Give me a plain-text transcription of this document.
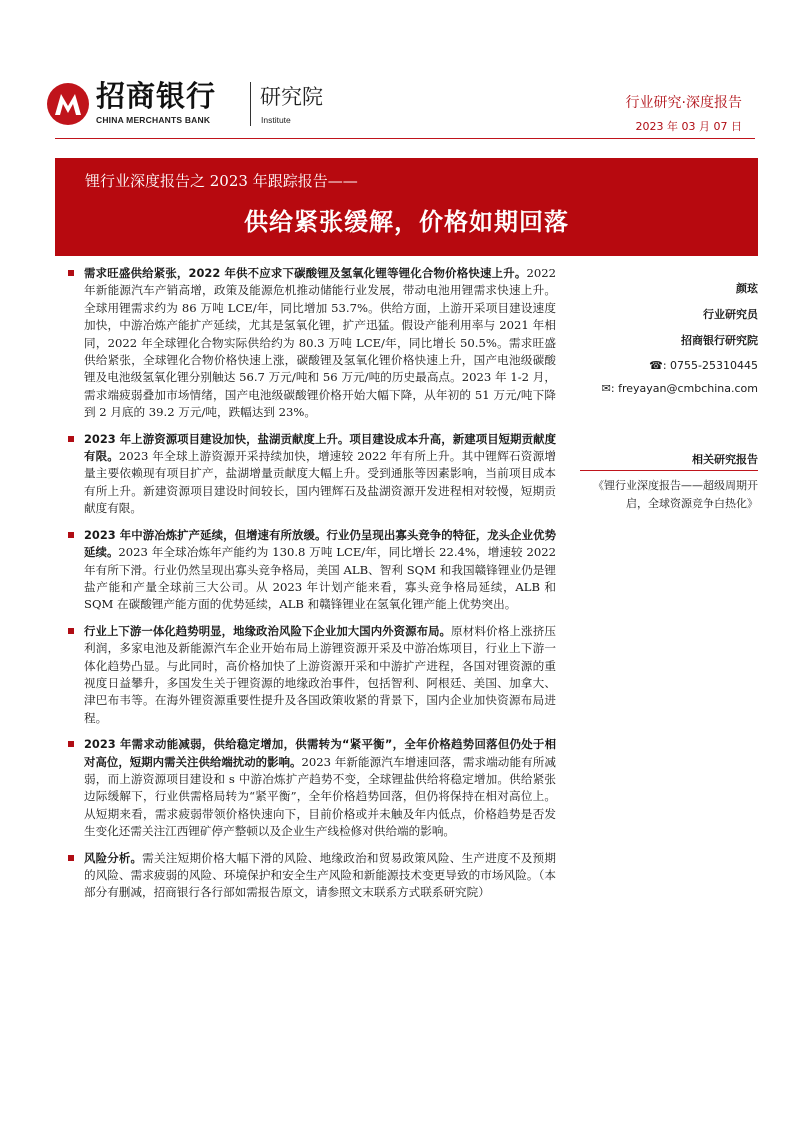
招商银行
CHINA MERCHANTS BANK
研究院
Institute
行业研究·深度报告
2023 年 03 月 07 日
锂行业深度报告之 2023 年跟踪报告——
供给紧张缓解，价格如期回落
需求旺盛供给紧张，2022 年供不应求下碳酸锂及氢氧化锂等锂化合物价格快速上升。2022 年新能源汽车产销高增，政策及能源危机推动储能行业发展，带动电池用锂需求快速上升。全球用锂需求约为 86 万吨 LCE/年，同比增加 53.7%。供给方面，上游开采项目建设速度加快，中游冶炼产能扩产延续，尤其是氢氧化锂，扩产迅猛。假设产能利用率与 2021 年相同，2022 年全球锂化合物实际供给约为 80.3 万吨 LCE/年，同比增长 50.5%。需求旺盛供给紧张，全球锂化合物价格快速上涨，碳酸锂及氢氧化锂价格快速上升，国产电池级碳酸锂及电池级氢氧化锂分别触达 56.7 万元/吨和 56 万元/吨的历史最高点。2023 年 1-2 月，需求端疲弱叠加市场情绪，国产电池级碳酸锂价格开始大幅下降，从年初的 51 万元/吨下降到 2 月底的 39.2 万元/吨，跌幅达到 23%。
2023 年上游资源项目建设加快，盐湖贡献度上升。项目建设成本升高，新建项目短期贡献度有限。2023 年全球上游资源开采持续加快，增速较 2022 年有所上升。其中锂辉石资源增量主要依赖现有项目扩产，盐湖增量贡献度大幅上升。受到通胀等因素影响，当前项目成本有所上升。新建资源项目建设时间较长，国内锂辉石及盐湖资源开发进程相对较慢，短期贡献度有限。
2023 年中游冶炼扩产延续，但增速有所放缓。行业仍呈现出寡头竞争的特征，龙头企业优势延续。2023 年全球冶炼年产能约为 130.8 万吨 LCE/年，同比增长 22.4%，增速较 2022 年有所下滑。行业仍然呈现出寡头竞争格局，美国 ALB、智利 SQM 和我国赣锋锂业仍是锂盐产能和产量全球前三大公司。从 2023 年计划产能来看，寡头竞争格局延续，ALB 和 SQM 在碳酸锂产能方面的优势延续，ALB 和赣锋锂业在氢氧化锂产能上优势突出。
行业上下游一体化趋势明显，地缘政治风险下企业加大国内外资源布局。原材料价格上涨挤压利润，多家电池及新能源汽车企业开始布局上游锂资源开采及中游冶炼项目，行业上下游一体化趋势凸显。与此同时，高价格加快了上游资源开采和中游扩产进程，各国对锂资源的重视度日益攀升，多国发生关于锂资源的地缘政治事件，包括智利、阿根廷、美国、加拿大、津巴布韦等。在海外锂资源重要性提升及各国政策收紧的背景下，国内企业加快资源布局进程。
2023 年需求动能减弱，供给稳定增加，供需转为“紧平衡”，全年价格趋势回落但仍处于相对高位，短期内需关注供给端扰动的影响。2023 年新能源汽车增速回落，需求端动能有所减弱，而上游资源项目建设和 s 中游冶炼扩产趋势不变，全球锂盐供给将稳定增加。供给紧张边际缓解下，行业供需格局转为“紧平衡”，全年价格趋势回落，但仍将保持在相对高位上。从短期来看，需求疲弱带领价格快速向下，目前价格或并未触及年内低点，价格趋势是否发生变化还需关注江西锂矿停产整顿以及企业生产线检修对供给端的影响。
风险分析。需关注短期价格大幅下滑的风险、地缘政治和贸易政策风险、生产进度不及预期的风险、需求疲弱的风险、环境保护和安全生产风险和新能源技术变更导致的市场风险。（本部分有删减，招商银行各行部如需报告原文，请参照文末联系方式联系研究院）
颜玹
行业研究员
招商银行研究院
☎: 0755-25310445
✉: freyayan@cmbchina.com
相关研究报告
《锂行业深度报告——超级周期开启，全球资源竞争白热化》
